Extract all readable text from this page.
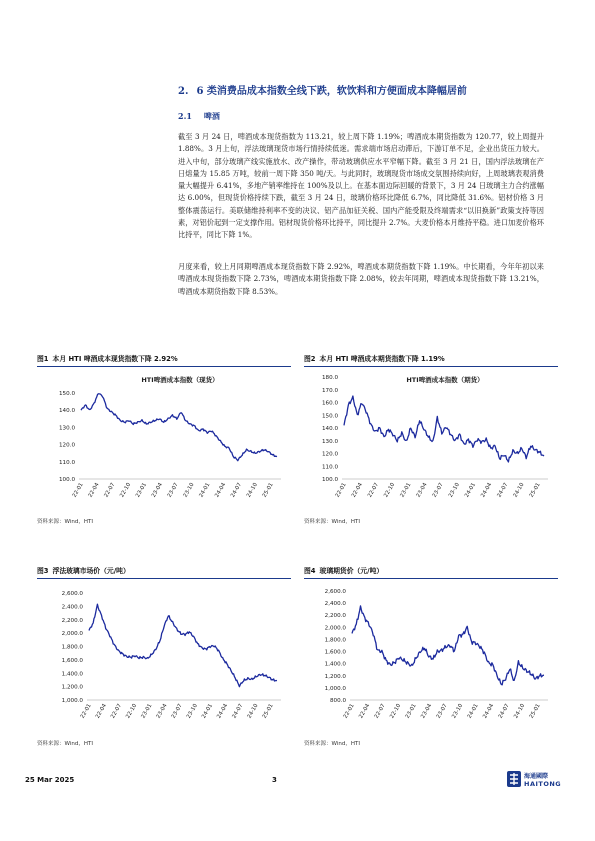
2. 6 类消费品成本指数全线下跌，软饮料和方便面成本降幅居前
2.1 啤酒
截至 3 月 24 日，啤酒成本现货指数为 113.21，较上周下降 1.19%；啤酒成本期货指数为 120.77，较上周提升 1.88%。3 月上旬，浮法玻璃现货市场行情持续低迷。需求端市场启动滞后，下游订单不足，企业出货压力较大。进入中旬，部分玻璃产线实施放水、改产操作，带动玻璃供应水平窄幅下降。截至 3 月 21 日，国内浮法玻璃在产日熔量为 15.85 万吨，较前一周下降 350 吨/天。与此同时，玻璃现货市场成交氛围持续向好，上周玻璃表观消费量大幅提升 6.41%，多地产销率维持在 100%及以上。在基本面边际回暖的背景下，3 月 24 日玻璃主力合约涨幅达 6.00%，但现货价格持续下跌，截至 3 月 24 日，玻璃价格环比降低 6.7%，同比降低 31.6%。铝材价格 3 月整体震荡运行。美联储维持利率不变的决议、铝产品加征关税、国内产能受限及终端需求“以旧换新”政策支持等因素，对铝价起到一定支撑作用。铝材现货价格环比持平，同比提升 2.7%。大麦价格本月维持平稳。进口加麦价格环比持平，同比下降 1%。
月度来看，较上月同期啤酒成本现货指数下降 2.92%，啤酒成本期货指数下降 1.19%。中长期看，今年年初以来啤酒成本现货指数下降 2.73%，啤酒成本期货指数下降 2.08%，较去年同期，啤酒成本现货指数下降 13.21%，啤酒成本期货指数下降 8.53%。
图1 本月 HTI 啤酒成本现货指数下降 2.92%
HTI啤酒成本指数（现货）
100.0
110.0
120.0
130.0
140.0
150.0
22-01 22-04 22-07 22-10 23-01 23-04 23-07 23-10 24-01 24-04 24-07 24-10 25-01
资料来源：Wind，HTI
图2 本月 HTI 啤酒成本期货指数下降 1.19%
HTI啤酒成本指数（期货）
100.0
110.0
120.0
130.0
140.0
150.0
160.0
170.0
180.0
22-01 22-04 22-07 22-10 23-01 23-04 23-07 23-10 24-01 24-04 24-07 24-10 25-01
资料来源：Wind，HTI
图3 浮法玻璃市场价（元/吨）
1,000.0
1,200.0
1,400.0
1,600.0
1,800.0
2,000.0
2,200.0
2,400.0
2,600.0
22-01 22-04 22-07 22-10 23-01 23-04 23-07 23-10 24-01 24-04 24-07 24-10 25-01
资料来源：Wind，HTI
图4 玻璃期货价（元/吨）
800.0
1,000.0
1,200.0
1,400.0
1,600.0
1,800.0
2,000.0
2,200.0
2,400.0
2,600.0
22-01 22-04 22-07 22-10 23-01 23-04 23-07 23-10 24-01 24-04 24-07 24-10 25-01
资料来源：Wind，HTI
25 Mar 2025	3	海通國際
HAITONG
